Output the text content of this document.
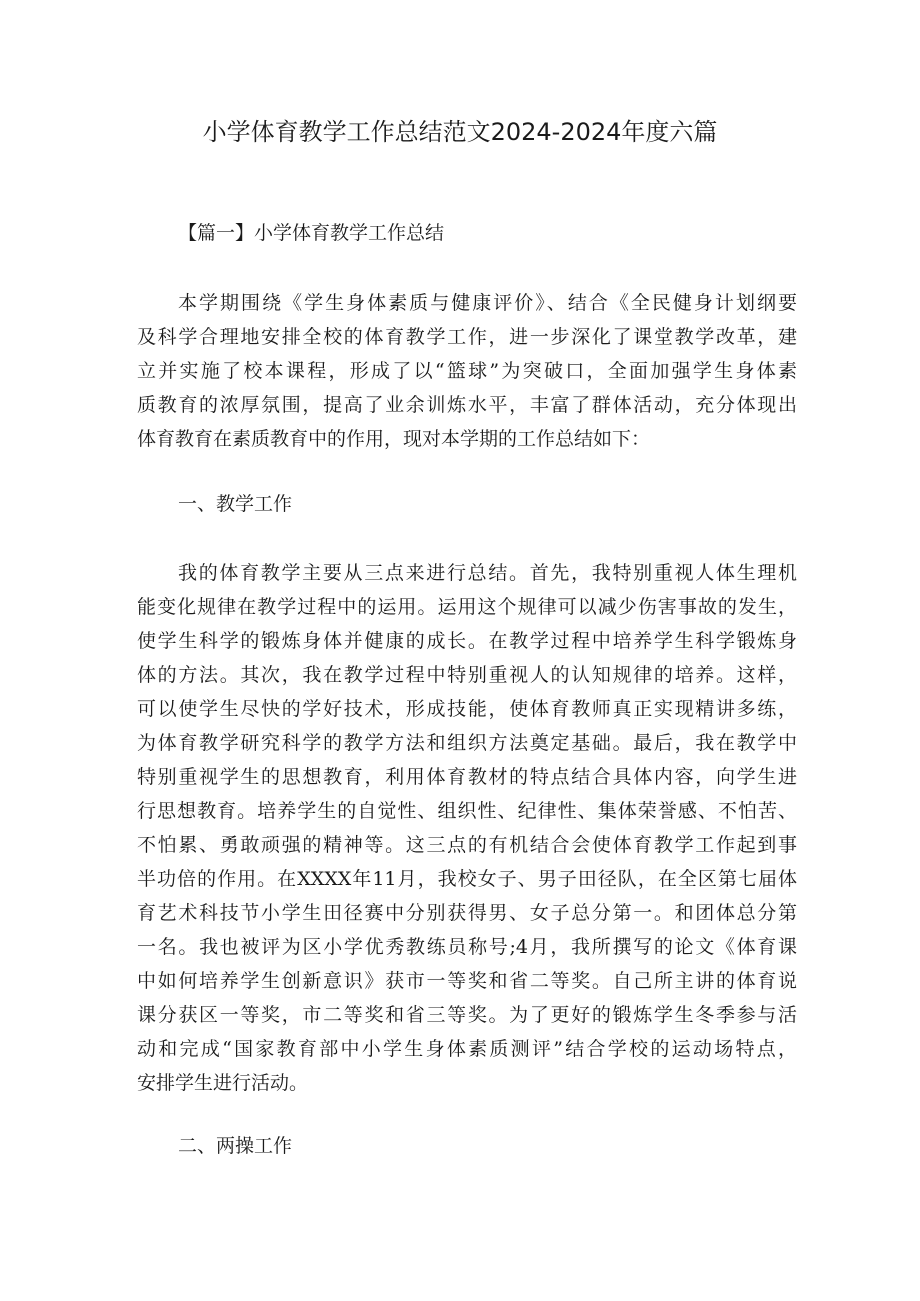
小学体育教学工作总结范文2024-2024年度六篇
【篇一】小学体育教学工作总结
本学期围绕《学生身体素质与健康评价》、结合《全民健身计划纲要
及科学合理地安排全校的体育教学工作，进一步深化了课堂教学改革，建
立并实施了校本课程，形成了以“篮球”为突破口，全面加强学生身体素
质教育的浓厚氛围，提高了业余训炼水平，丰富了群体活动，充分体现出
体育教育在素质教育中的作用，现对本学期的工作总结如下：
一、教学工作
我的体育教学主要从三点来进行总结。首先，我特别重视人体生理机
能变化规律在教学过程中的运用。运用这个规律可以减少伤害事故的发生，
使学生科学的锻炼身体并健康的成长。在教学过程中培养学生科学锻炼身
体的方法。其次，我在教学过程中特别重视人的认知规律的培养。这样，
可以使学生尽快的学好技术，形成技能，使体育教师真正实现精讲多练，
为体育教学研究科学的教学方法和组织方法奠定基础。最后，我在教学中
特别重视学生的思想教育，利用体育教材的特点结合具体内容，向学生进
行思想教育。培养学生的自觉性、组织性、纪律性、集体荣誉感、不怕苦、
不怕累、勇敢顽强的精神等。这三点的有机结合会使体育教学工作起到事
半功倍的作用。在XXXX年11月，我校女子、男子田径队，在全区第七届体
育艺术科技节小学生田径赛中分别获得男、女子总分第一。和团体总分第
一名。我也被评为区小学优秀教练员称号;4月，我所撰写的论文《体育课
中如何培养学生创新意识》获市一等奖和省二等奖。自己所主讲的体育说
课分获区一等奖，市二等奖和省三等奖。为了更好的锻炼学生冬季参与活
动和完成“国家教育部中小学生身体素质测评”结合学校的运动场特点，
安排学生进行活动。
二、两操工作
